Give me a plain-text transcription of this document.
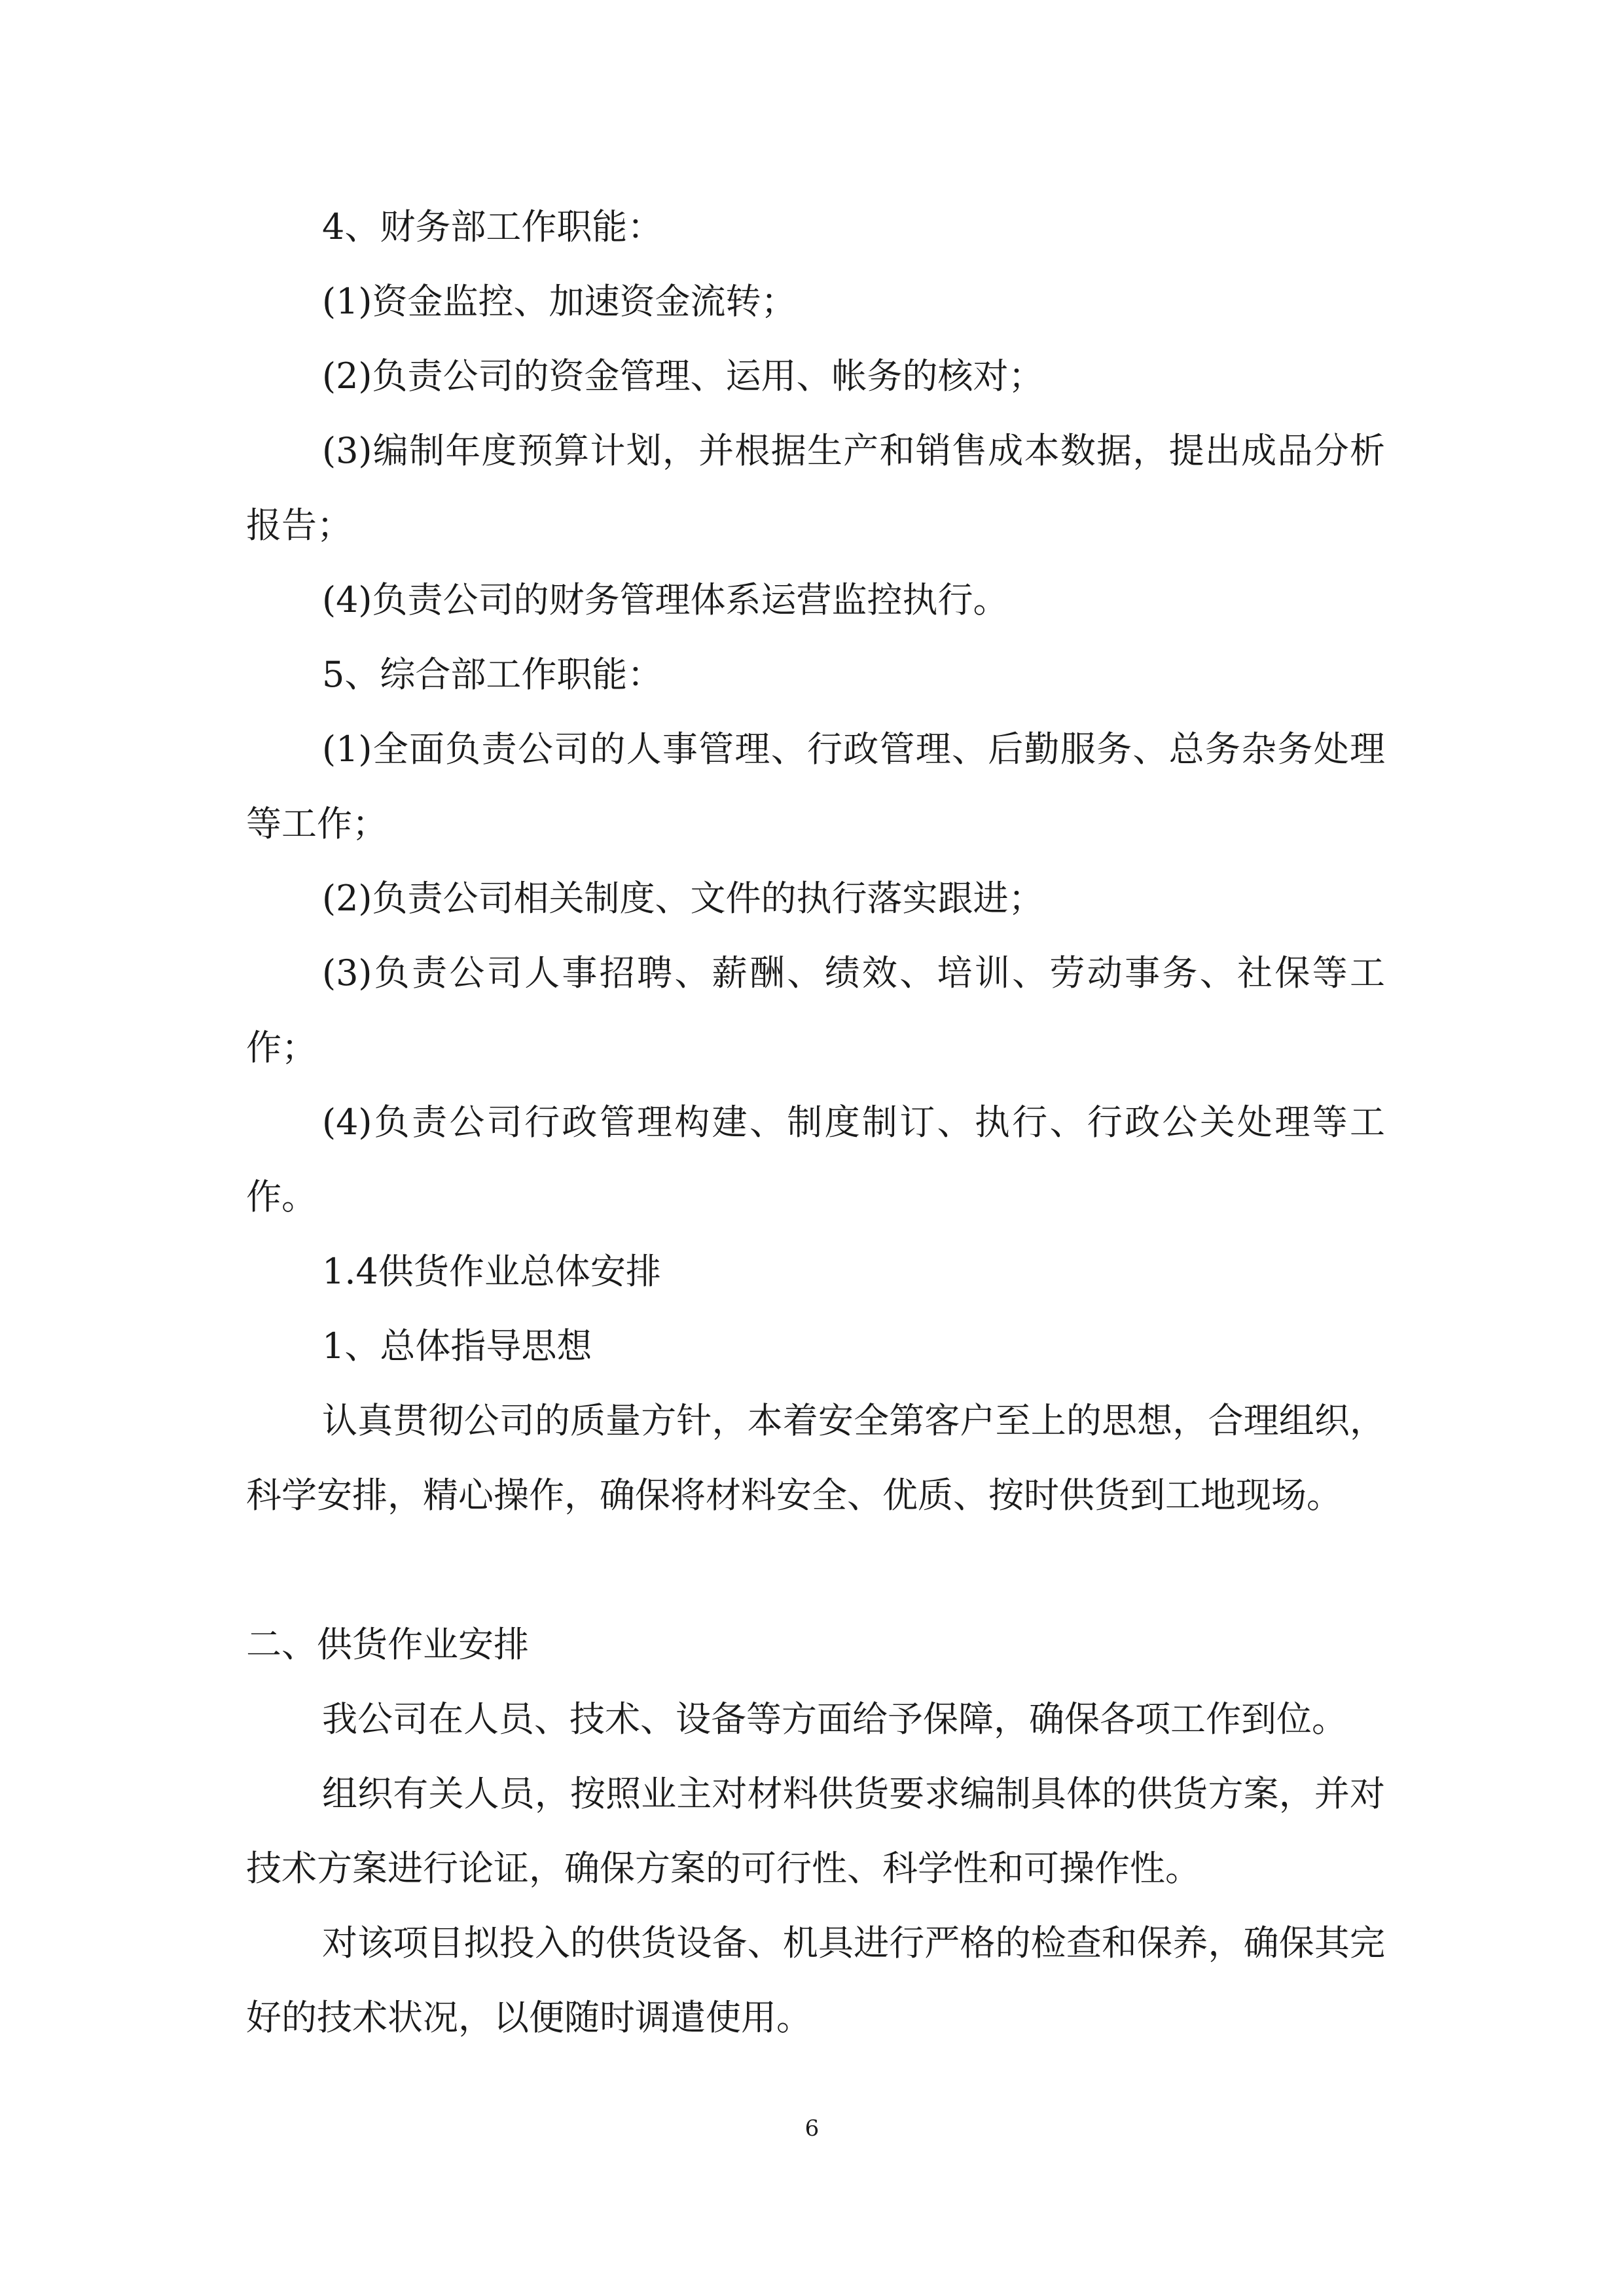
4、财务部工作职能：

(1)资金监控、加速资金流转；

(2)负责公司的资金管理、运用、帐务的核对；

(3)编制年度预算计划，并根据生产和销售成本数据，提出成品分析报告；

(4)负责公司的财务管理体系运营监控执行。

5、综合部工作职能：

(1)全面负责公司的人事管理、行政管理、后勤服务、总务杂务处理等工作；

(2)负责公司相关制度、文件的执行落实跟进；

(3)负责公司人事招聘、薪酬、绩效、培训、劳动事务、社保等工作；

(4)负责公司行政管理构建、制度制订、执行、行政公关处理等工作。

1.4供货作业总体安排

1、总体指导思想

认真贯彻公司的质量方针，本着安全第客户至上的思想，合理组织，科学安排，精心操作，确保将材料安全、优质、按时供货到工地现场。

二、供货作业安排

我公司在人员、技术、设备等方面给予保障，确保各项工作到位。

组织有关人员，按照业主对材料供货要求编制具体的供货方案，并对技术方案进行论证，确保方案的可行性、科学性和可操作性。

对该项目拟投入的供货设备、机具进行严格的检查和保养，确保其完好的技术状况，以便随时调遣使用。

6
